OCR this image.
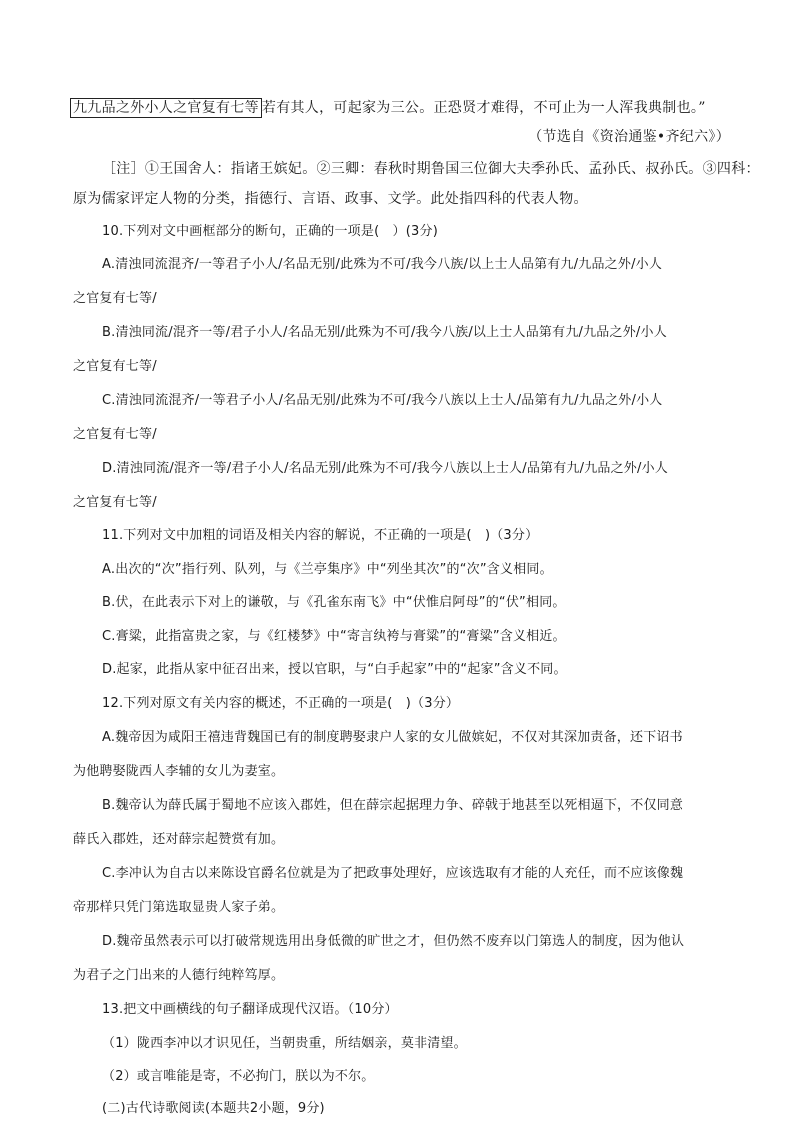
九九品之外小人之官复有七等 若有其人，可起家为三公。正恐贤才难得，不可止为一人浑我典制也。”
（节选自《资治通鉴•齐纪六》）
［注］①王国舍人：指诸王嫔妃。②三卿：春秋时期鲁国三位御大夫季孙氏、孟孙氏、叔孙氏。③四科：
原为儒家评定人物的分类，指德行、言语、政事、文学。此处指四科的代表人物。
10.下列对文中画框部分的断句，正确的一项是(　）(3分)
A.清浊同流混齐/一等君子小人/名品无别/此殊为不可/我今八族/以上士人品第有九/九品之外/小人
之官复有七等/
B.清浊同流/混齐一等/君子小人/名品无别/此殊为不可/我今八族/以上士人品第有九/九品之外/小人
之官复有七等/
C.清浊同流混齐/一等君子小人/名品无别/此殊为不可/我今八族以上士人/品第有九/九品之外/小人
之官复有七等/
D.清浊同流/混齐一等/君子小人/名品无别/此殊为不可/我今八族以上士人/品第有九/九品之外/小人
之官复有七等/
11.下列对文中加粗的词语及相关内容的解说，不正确的一项是(　)（3分）
A.出次的“次”指行列、队列，与《兰亭集序》中“列坐其次”的“次”含义相同。
B.伏，在此表示下对上的谦敬，与《孔雀东南飞》中“伏惟启阿母”的“伏”相同。
C.膏粱，此指富贵之家，与《红楼梦》中“寄言纨袴与膏粱”的“膏粱”含义相近。
D.起家，此指从家中征召出来，授以官职，与“白手起家”中的“起家”含义不同。
12.下列对原文有关内容的概述，不正确的一项是(　)（3分）
A.魏帝因为咸阳王禧违背魏国已有的制度聘娶隶户人家的女儿做嫔妃，不仅对其深加责备，还下诏书
为他聘娶陇西人李辅的女儿为妻室。
B.魏帝认为薛氏属于蜀地不应该入郡姓，但在薛宗起据理力争、碎戟于地甚至以死相逼下，不仅同意
薛氏入郡姓，还对薛宗起赞赏有加。
C.李冲认为自古以来陈设官爵名位就是为了把政事处理好，应该选取有才能的人充任，而不应该像魏
帝那样只凭门第选取显贵人家子弟。
D.魏帝虽然表示可以打破常规选用出身低微的旷世之才，但仍然不废弃以门第选人的制度，因为他认
为君子之门出来的人德行纯粹笃厚。
13.把文中画横线的句子翻译成现代汉语。（10分）
（1）陇西李冲以才识见任，当朝贵重，所结姻亲，莫非清望。
（2）或言唯能是寄，不必拘门，朕以为不尔。
(二)古代诗歌阅读(本题共2小题，9分)
